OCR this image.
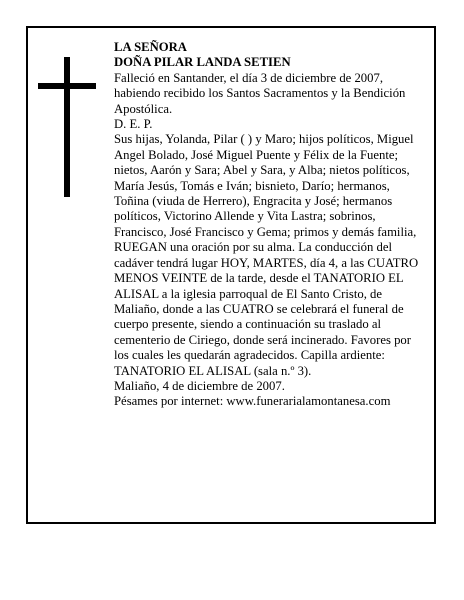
LA SEÑORA

DOÑA PILAR LANDA SETIEN

Falleció en Santander, el día 3 de diciembre de 2007, habiendo recibido los Santos Sacramentos y la Bendición Apostólica.

D. E. P.

Sus hijas, Yolanda, Pilar ( ) y Maro; hijos políticos, Miguel Angel Bolado, José Miguel Puente y Félix de la Fuente; nietos, Aarón y Sara; Abel y Sara, y Alba; nietos políticos, María Jesús, Tomás e Iván; bisnieto, Darío; hermanos, Toñina (viuda de Herrero), Engracita y José; hermanos políticos, Victorino Allende y Vita Lastra; sobrinos, Francisco, José Francisco y Gema; primos y demás familia,

RUEGAN una oración por su alma. La conducción del cadáver tendrá lugar HOY, MARTES, día 4, a las CUATRO MENOS VEINTE de la tarde, desde el TANATORIO EL ALISAL a la iglesia parroqual de El Santo Cristo, de Maliaño, donde a las CUATRO se celebrará el funeral de cuerpo presente, siendo a continuación su traslado al cementerio de Ciriego, donde será incinerado. Favores por los cuales les quedarán agradecidos. Capilla ardiente: TANATORIO EL ALISAL (sala n.º 3).

Maliaño, 4 de diciembre de 2007.

Pésames por internet: www.funerarialamontanesa.com
